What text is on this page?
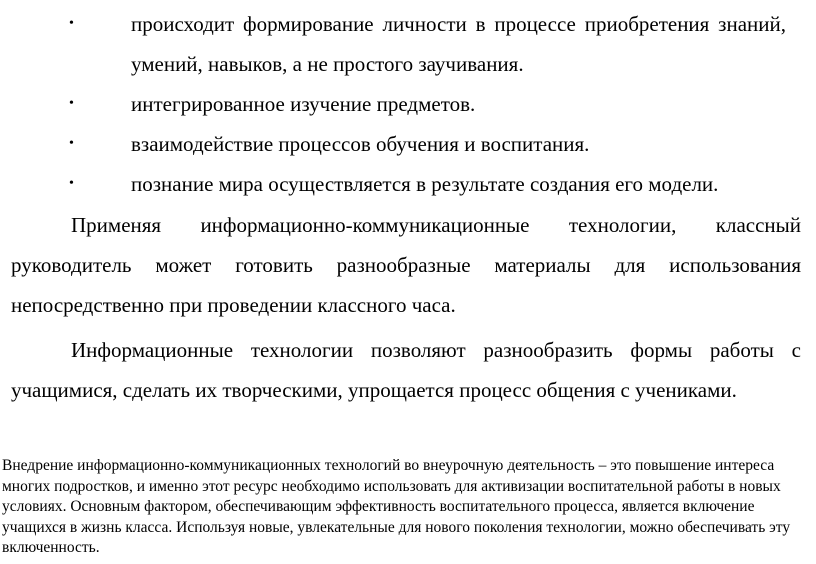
•	происходит формирование личности в процессе приобретения знаний, умений, навыков, а не простого заучивания.
•	интегрированное изучение предметов.
•	взаимодействие процессов обучения и воспитания.
•	познание мира осуществляется в результате создания его модели.

Применяя информационно-коммуникационные технологии, классный руководитель может готовить разнообразные материалы для использования непосредственно при проведении классного часа.

Информационные технологии позволяют разнообразить формы работы с учащимися, сделать их творческими, упрощается процесс общения с учениками.

Внедрение информационно-коммуникационных технологий во внеурочную деятельность – это повышение интереса многих подростков, и именно этот ресурс необходимо использовать для активизации воспитательной работы в новых условиях. Основным фактором, обеспечивающим эффективность воспитательного процесса, является включение учащихся в жизнь класса. Используя новые, увлекательные для нового поколения технологии, можно обеспечивать эту включенность.
